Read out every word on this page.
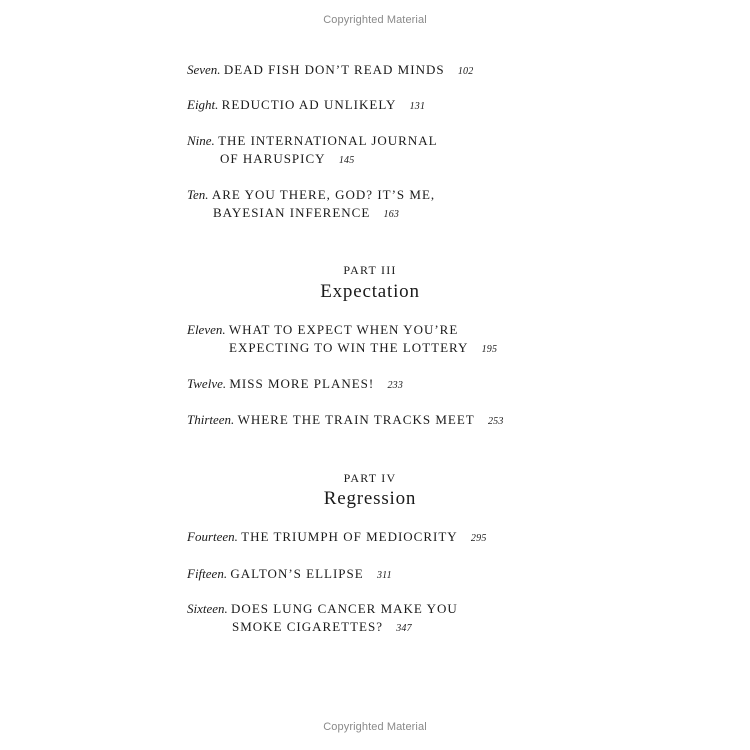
Copyrighted Material
Seven. DEAD FISH DON’T READ MINDS 102
Eight. REDUCTIO AD UNLIKELY 131
Nine. THE INTERNATIONAL JOURNAL
OF HARUSPICY 145
Ten. ARE YOU THERE, GOD? IT’S ME,
BAYESIAN INFERENCE 163
PART III
Expectation
Eleven. WHAT TO EXPECT WHEN YOU’RE
EXPECTING TO WIN THE LOTTERY 195
Twelve. MISS MORE PLANES! 233
Thirteen. WHERE THE TRAIN TRACKS MEET 253
PART IV
Regression
Fourteen. THE TRIUMPH OF MEDIOCRITY 295
Fifteen. GALTON’S ELLIPSE 311
Sixteen. DOES LUNG CANCER MAKE YOU
SMOKE CIGARETTES? 347
Copyrighted Material
